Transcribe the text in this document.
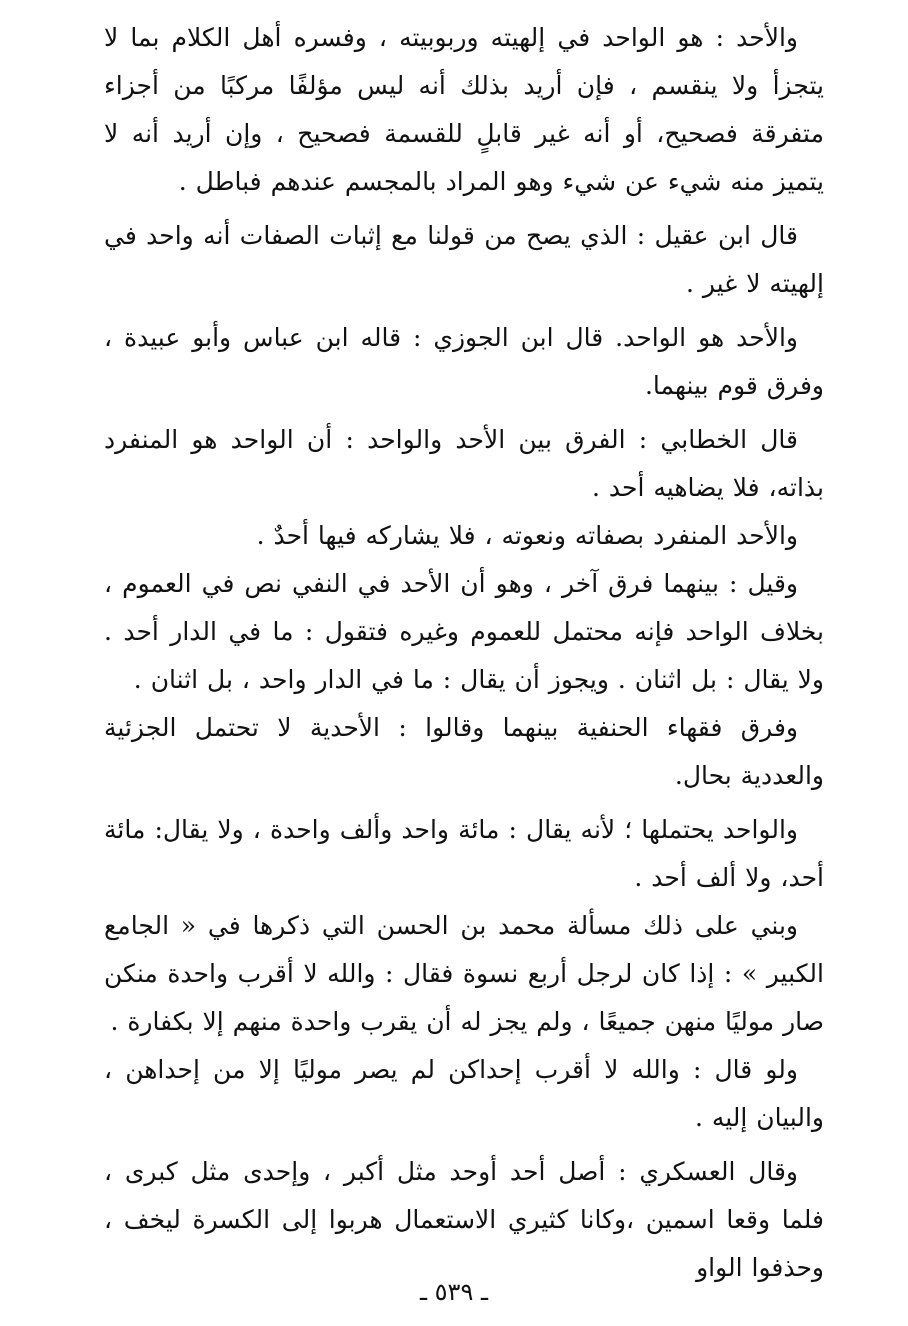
والأحد : هو الواحد في إلهيته وربوبيته ، وفسره أهل الكلام بما لا يتجزأ ولا ينقسم ، فإن أريد بذلك أنه ليس مؤلفًا مركبًا من أجزاء متفرقة فصحيح، أو أنه غير قابلٍ للقسمة فصحيح ، وإن أريد أنه لا يتميز منه شيء عن شيء وهو المراد بالمجسم عندهم فباطل .

قال ابن عقيل : الذي يصح من قولنا مع إثبات الصفات أنه واحد في إلهيته لا غير .

والأحد هو الواحد. قال ابن الجوزي : قاله ابن عباس وأبو عبيدة ، وفرق قوم بينهما.

قال الخطابي : الفرق بين الأحد والواحد : أن الواحد هو المنفرد بذاته، فلا يضاهيه أحد .

والأحد المنفرد بصفاته ونعوته ، فلا يشاركه فيها أحدٌ .

وقيل : بينهما فرق آخر ، وهو أن الأحد في النفي نص في العموم ، بخلاف الواحد فإنه محتمل للعموم وغيره فتقول : ما في الدار أحد . ولا يقال : بل اثنان . ويجوز أن يقال : ما في الدار واحد ، بل اثنان .

وفرق فقهاء الحنفية بينهما وقالوا : الأحدية لا تحتمل الجزئية والعددية بحال.

والواحد يحتملها ؛ لأنه يقال : مائة واحد وألف واحدة ، ولا يقال: مائة أحد، ولا ألف أحد .

وبني على ذلك مسألة محمد بن الحسن التي ذكرها في « الجامع الكبير » : إذا كان لرجل أربع نسوة فقال : والله لا أقرب واحدة منكن صار موليًا منهن جميعًا ، ولم يجز له أن يقرب واحدة منهم إلا بكفارة .

ولو قال : والله لا أقرب إحداكن لم يصر موليًا إلا من إحداهن ، والبيان إليه .

وقال العسكري : أصل أحد أوحد مثل أكبر ، وإحدى مثل كبرى ، فلما وقعا اسمين ،وكانا كثيري الاستعمال هربوا إلى الكسرة ليخف ، وحذفوا الواو

ـ ٥٣٩ ـ
